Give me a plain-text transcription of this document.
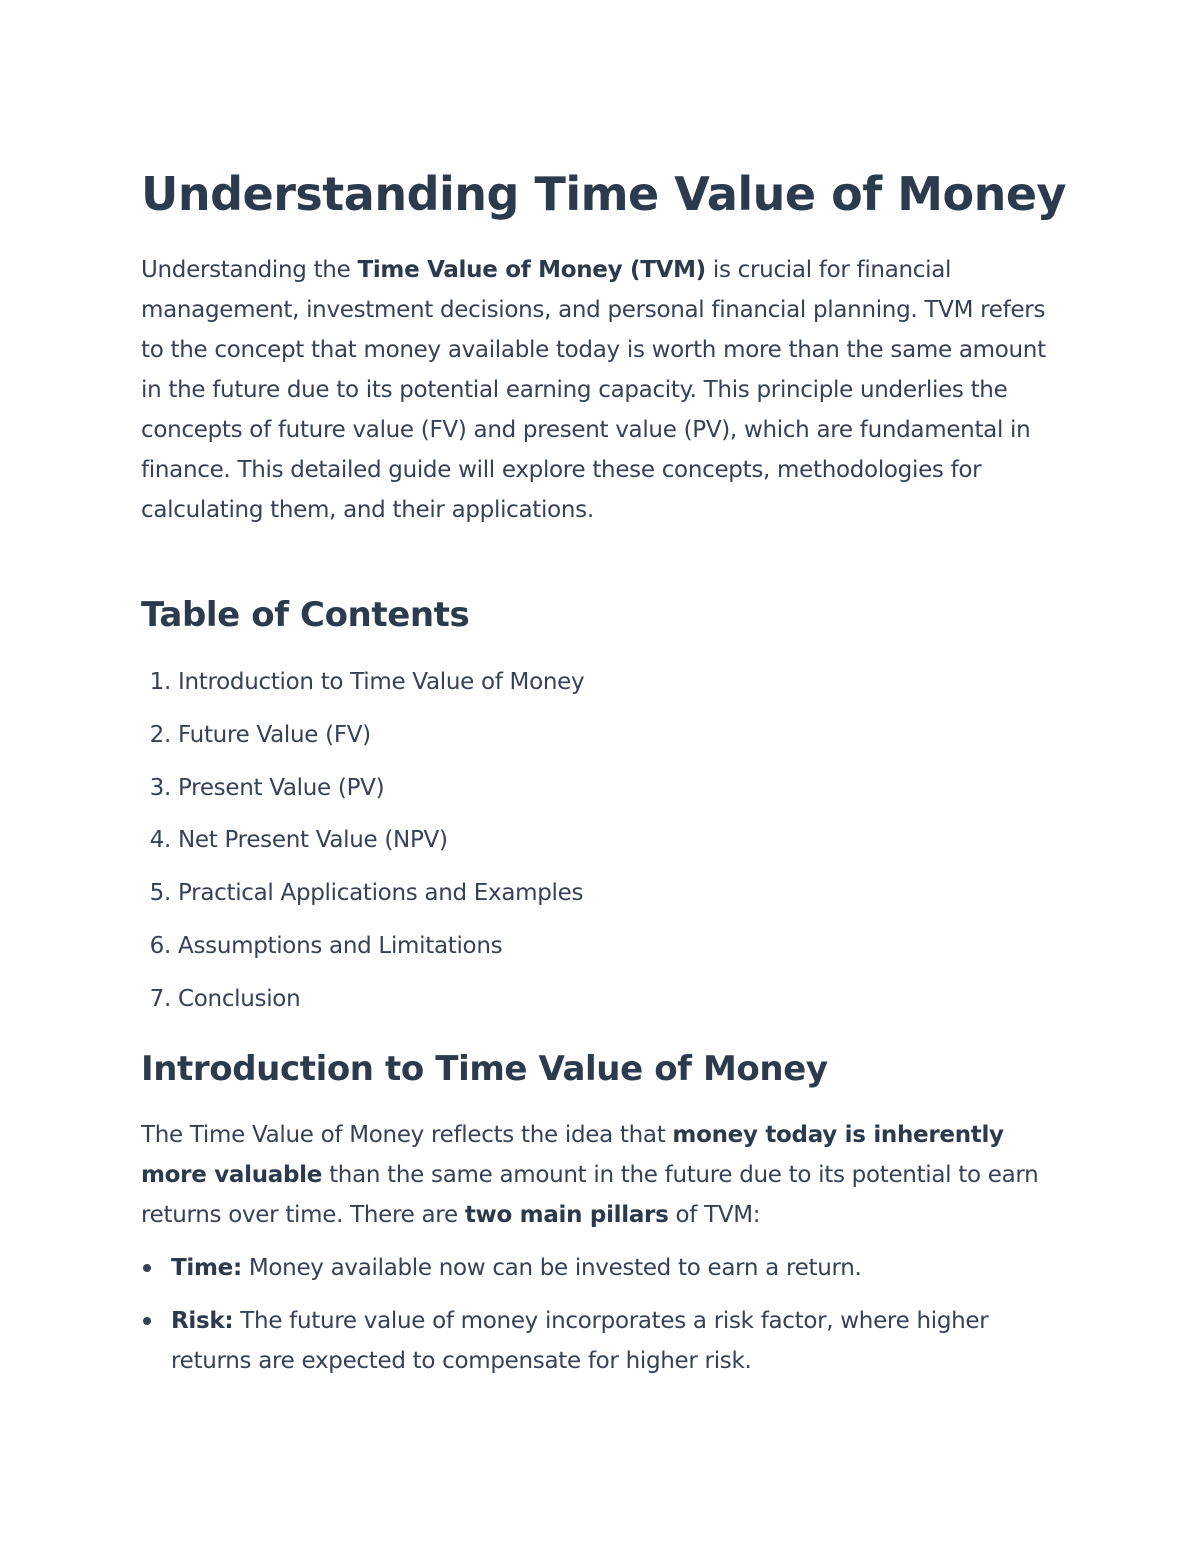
Understanding Time Value of Money

Understanding the Time Value of Money (TVM) is crucial for financial management, investment decisions, and personal financial planning. TVM refers to the concept that money available today is worth more than the same amount in the future due to its potential earning capacity. This principle underlies the concepts of future value (FV) and present value (PV), which are fundamental in finance. This detailed guide will explore these concepts, methodologies for calculating them, and their applications.

Table of Contents
1. Introduction to Time Value of Money
2. Future Value (FV)
3. Present Value (PV)
4. Net Present Value (NPV)
5. Practical Applications and Examples
6. Assumptions and Limitations
7. Conclusion
Introduction to Time Value of Money

The Time Value of Money reflects the idea that money today is inherently more valuable than the same amount in the future due to its potential to earn returns over time. There are two main pillars of TVM:

Time: Money available now can be invested to earn a return.
Risk: The future value of money incorporates a risk factor, where higher returns are expected to compensate for higher risk.
